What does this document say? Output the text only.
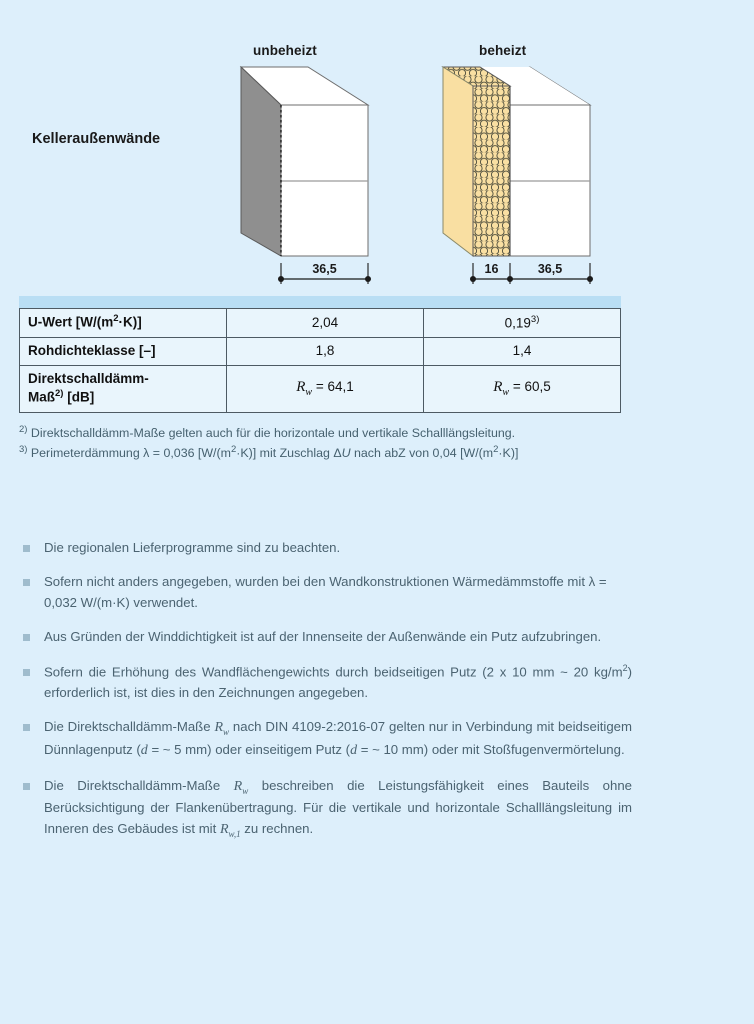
unbeheizt	beheizt
Kelleraußenwände
36,5	16	36,5
U-Wert $[W/(m^2\cdot K)]$	2,04	0,19$^{3)}$
Rohdichteklasse [–]	1,8	1,4
Direktschalldämm-
Maß$^{2)}$ [dB]	$R_w = 64,1$	$R_w = 60,5$
$^{2)}$ Direktschalldämm-Maße gelten auch für die horizontale und vertikale Schalllängsleitung.
$^{3)}$ Perimeterdämmung λ = 0,036 $[W/(m^2\cdot K)]$ mit Zuschlag ΔU nach abZ von 0,04 $[W/(m^2\cdot K)]$
Die regionalen Lieferprogramme sind zu beachten.
Sofern nicht anders angegeben, wurden bei den Wandkonstruktionen Wärmedämmstoffe mit λ = 0,032 W/(m·K) verwendet.
Aus Gründen der Winddichtigkeit ist auf der Innenseite der Außenwände ein Putz aufzubringen.
Sofern die Erhöhung des Wandflächengewichts durch beidseitigen Putz (2 x 10 mm ~ 20 $kg/m^2$) erforderlich ist, ist dies in den Zeichnungen angegeben.
Die Direktschalldämm-Maße $R_w$ nach DIN 4109-2:2016-07 gelten nur in Verbindung mit beidseitigem Dünnlagenputz (d = ~ 5 mm) oder einseitigem Putz (d = ~ 10 mm) oder mit Stoßfugenvermörtelung.
Die Direktschalldämm-Maße $R_w$ beschreiben die Leistungsfähigkeit eines Bauteils ohne Berücksichtigung der Flankenübertragung. Für die vertikale und horizontale Schalllängsleitung im Inneren des Gebäudes ist mit $R_{w,1}$ zu rechnen.
